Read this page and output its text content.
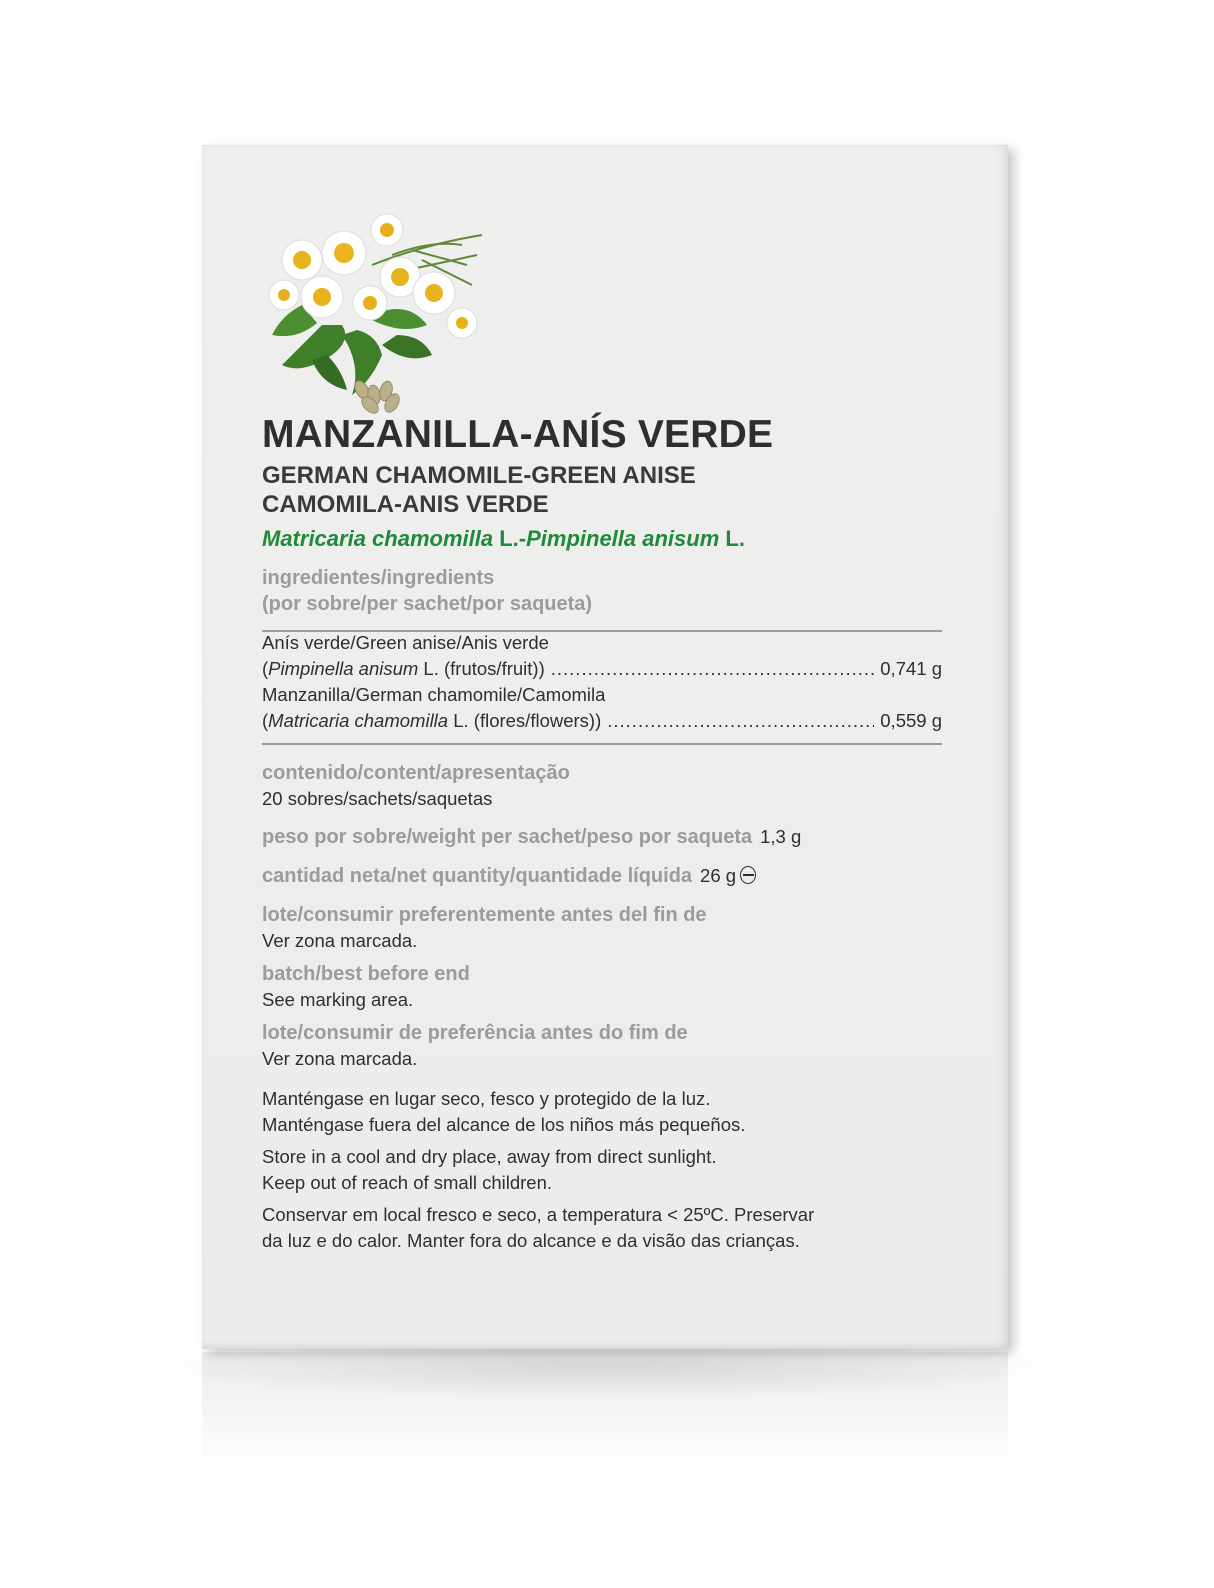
MANZANILLA-ANÍS VERDE
GERMAN CHAMOMILE-GREEN ANISE
CAMOMILA-ANIS VERDE
Matricaria chamomilla L.-Pimpinella anisum L.
ingredientes/ingredients
(por sobre/per sachet/por saqueta)
Anís verde/Green anise/Anis verde
(Pimpinella anisum L. (frutos/fruit)) .....	0,741 g
Manzanilla/German chamomile/Camomila
(Matricaria chamomilla L. (flores/flowers)) .....	0,559 g
contenido/content/apresentação
20 sobres/sachets/saquetas
peso por sobre/weight per sachet/peso por saqueta 1,3 g
cantidad neta/net quantity/quantidade líquida 26 g
lote/consumir preferentemente antes del fin de
Ver zona marcada.
batch/best before end
See marking area.
lote/consumir de preferência antes do fim de
Ver zona marcada.
Manténgase en lugar seco, fesco y protegido de la luz.
Manténgase fuera del alcance de los niños más pequeños.
Store in a cool and dry place, away from direct sunlight.
Keep out of reach of small children.
Conservar em local fresco e seco, a temperatura < 25ºC. Preservar
da luz e do calor. Manter fora do alcance e da visão das crianças.
